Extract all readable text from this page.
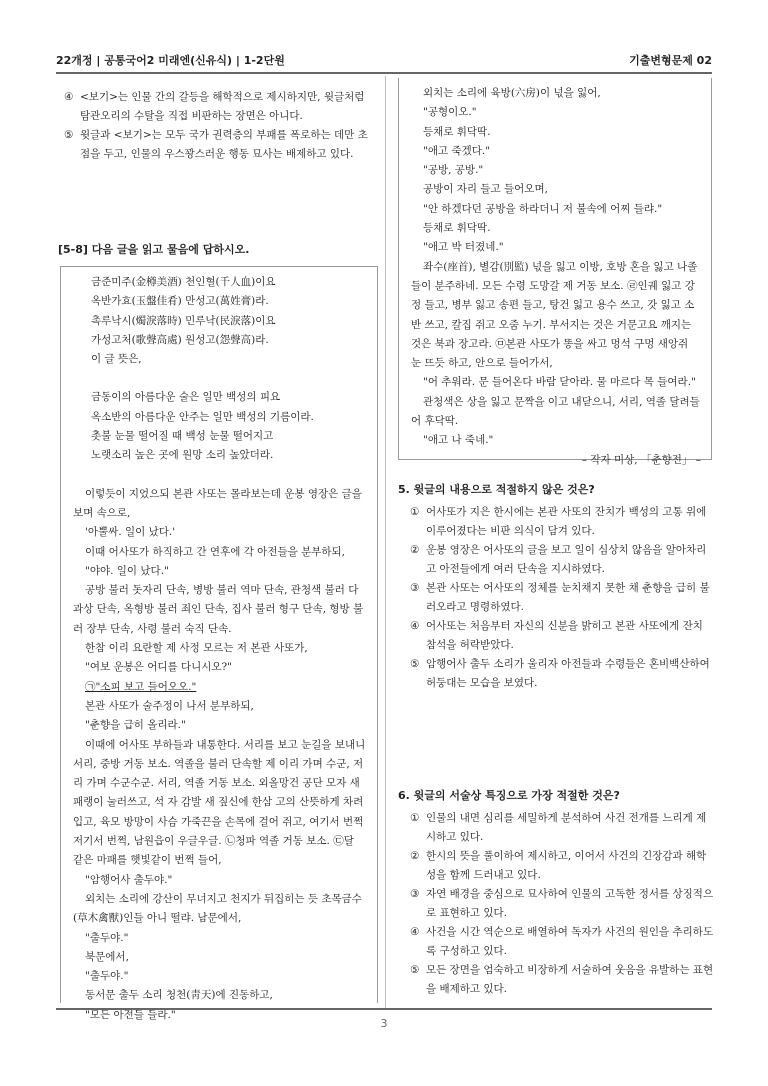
22개정 | 공통국어2 미래엔(신유식) | 1-2단원	기출변형문제 02
④ <보기>는 인물 간의 갈등을 해학적으로 제시하지만, 윗글처럼 탐관오리의 수탈을 직접 비판하는 장면은 아니다.
⑤ 윗글과 <보기>는 모두 국가 권력층의 부패를 폭로하는 데만 초점을 두고, 인물의 우스꽝스러운 행동 묘사는 배제하고 있다.
[5-8] 다음 글을 읽고 물음에 답하시오.
금준미주(金樽美酒) 천인혈(千人血)이요
옥반가효(玉盤佳肴) 만성고(萬姓膏)라.
촉루낙시(燭淚落時) 민루낙(民淚落)이요
가성고처(歌聲高處) 원성고(怨聲高)라.
이 글 뜻은,
금동이의 아름다운 술은 일만 백성의 피요
옥소반의 아름다운 안주는 일만 백성의 기름이라.
촛불 눈물 떨어질 때 백성 눈물 떨어지고
노랫소리 높은 곳에 원망 소리 높았더라.
이렇듯이 지었으되 본관 사또는 몰라보는데 운봉 영장은 글을 보며 속으로,
'아뿔싸. 일이 났다.'
이때 어사또가 하직하고 간 연후에 각 아전들을 분부하되,
"야야. 일이 났다."
공방 불러 돗자리 단속, 병방 불러 역마 단속, 관청색 불러 다과상 단속, 옥형방 불러 죄인 단속, 집사 불러 형구 단속, 형방 불러 장부 단속, 사령 불러 숙직 단속.
한참 이리 요란할 제 사정 모르는 저 본관 사또가,
"여보 운봉은 어디를 다니시오?"
㉠"소피 보고 들어오오."
본관 사또가 술주정이 나서 분부하되,
"춘향을 급히 올리라."
이때에 어사또 부하들과 내통한다. 서리를 보고 눈길을 보내니 서리, 중방 거동 보소. 역졸을 불러 단속할 제 이리 가며 수군, 저리 가며 수군수군. 서리, 역졸 거동 보소. 외올망건 공단 모자 새 패랭이 눌러쓰고, 석 자 감발 새 짚신에 한삼 고의 산뜻하게 차려입고, 육모 방망이 사슴 가죽끈을 손목에 걸어 쥐고, 여기서 번쩍 저기서 번쩍, 남원읍이 우글우글. ㉡청파 역졸 거동 보소. ㉢달 같은 마패를 햇빛같이 번쩍 들어,
"암행어사 출두야."
외치는 소리에 강산이 무너지고 천지가 뒤집히는 듯 초목금수(草木禽獸)인들 아니 떨랴. 남문에서,
"출두야."
북문에서,
"출두야."
동서문 출두 소리 청천(靑天)에 진동하고,
"모든 아전들 들라."
외치는 소리에 육방(六房)이 넋을 잃어,
"공형이오."
등채로 휘닥딱.
"애고 죽겠다."
"공방, 공방."
공방이 자리 들고 들어오며,
"안 하겠다던 공방을 하라더니 저 불속에 어찌 들랴."
등채로 휘닥딱.
"애고 박 터졌네."
좌수(座首), 별감(別監) 넋을 잃고 이방, 호방 혼을 잃고 나졸들이 분주하네. 모든 수령 도망갈 제 거동 보소. ㉣인궤 잃고 강정 들고, 병부 잃고 송편 들고, 탕건 잃고 용수 쓰고, 갓 잃고 소반 쓰고, 칼집 쥐고 오줌 누기. 부서지는 것은 거문고요 깨지는 것은 북과 장고라. ㉤본관 사또가 똥을 싸고 멍석 구멍 새앙쥐 눈 뜨듯 하고, 안으로 들어가서,
"어 추워라. 문 들어온다 바람 닫아라. 물 마르다 목 들여라."
관청색은 상을 잃고 문짝을 이고 내닫으니, 서리, 역졸 달려들어 후닥딱.
"애고 나 죽네."
– 작자 미상, 「춘향전」 –
5. 윗글의 내용으로 적절하지 않은 것은?
① 어사또가 지은 한시에는 본관 사또의 잔치가 백성의 고통 위에 이루어졌다는 비판 의식이 담겨 있다.
② 운봉 영장은 어사또의 글을 보고 일이 심상치 않음을 알아차리고 아전들에게 여러 단속을 지시하였다.
③ 본관 사또는 어사또의 정체를 눈치채지 못한 채 춘향을 급히 불러오라고 명령하였다.
④ 어사또는 처음부터 자신의 신분을 밝히고 본관 사또에게 잔치 참석을 허락받았다.
⑤ 암행어사 출두 소리가 울리자 아전들과 수령들은 혼비백산하여 허둥대는 모습을 보였다.
6. 윗글의 서술상 특징으로 가장 적절한 것은?
① 인물의 내면 심리를 세밀하게 분석하여 사건 전개를 느리게 제시하고 있다.
② 한시의 뜻을 풀이하여 제시하고, 이어서 사건의 긴장감과 해학성을 함께 드러내고 있다.
③ 자연 배경을 중심으로 묘사하여 인물의 고독한 정서를 상징적으로 표현하고 있다.
④ 사건을 시간 역순으로 배열하여 독자가 사건의 원인을 추리하도록 구성하고 있다.
⑤ 모든 장면을 엄숙하고 비장하게 서술하여 웃음을 유발하는 표현을 배제하고 있다.
3
